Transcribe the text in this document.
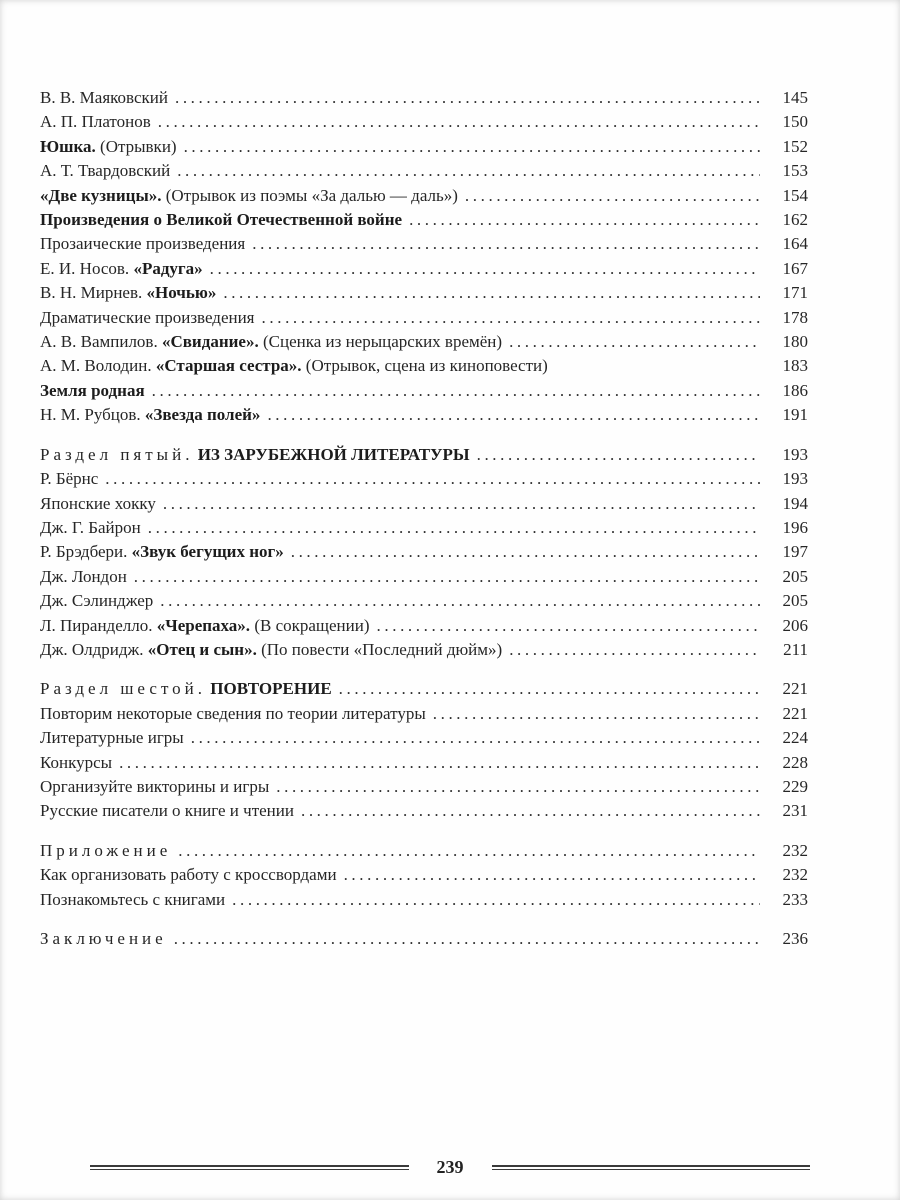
В. В. Маяковский .....	145
А. П. Платонов .....	150
Юшка. (Отрывки) .....	152
А. Т. Твардовский .....	153
«Две кузницы». (Отрывок из поэмы «За далью — даль») .....	154
Произведения о Великой Отечественной войне .....	162
Прозаические произведения .....	164
Е. И. Носов. «Радуга» .....	167
В. Н. Мирнев. «Ночью» .....	171
Драматические произведения .....	178
А. В. Вампилов. «Свидание». (Сценка из нерыцарских времён) .....	180
А. М. Володин. «Старшая сестра». (Отрывок, сцена из киноповести)	183
Земля родная .....	186
Н. М. Рубцов. «Звезда полей» .....	191
Раздел пятый. ИЗ ЗАРУБЕЖНОЙ ЛИТЕРАТУРЫ .....	193
Р. Бёрнс .....	193
Японские хокку .....	194
Дж. Г. Байрон .....	196
Р. Брэдбери. «Звук бегущих ног» .....	197
Дж. Лондон .....	205
Дж. Сэлинджер .....	205
Л. Пиранделло. «Черепаха». (В сокращении) .....	206
Дж. Олдридж. «Отец и сын». (По повести «Последний дюйм») .....	211
Раздел шестой. ПОВТОРЕНИЕ .....	221
Повторим некоторые сведения по теории литературы .....	221
Литературные игры .....	224
Конкурсы .....	228
Организуйте викторины и игры .....	229
Русские писатели о книге и чтении .....	231
Приложение .....	232
Как организовать работу с кроссвордами .....	232
Познакомьтесь с книгами .....	233
Заключение .....	236
239
